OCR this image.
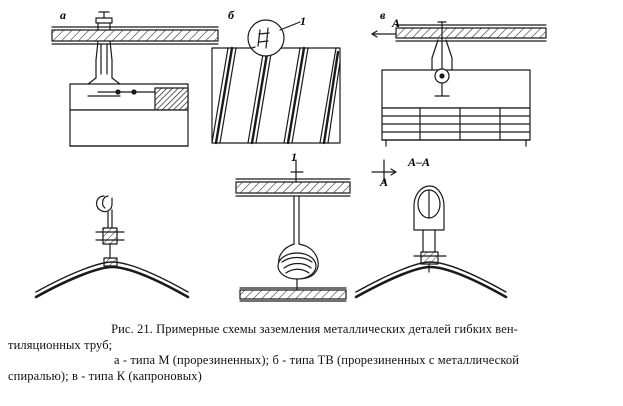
а	б	в
1
1
А
А
А–А
Рис. 21. Примерные схемы заземления металлических деталей гибких вен-
тиляционных труб;
а - типа М (прорезиненных); б - типа ТВ (прорезиненных с металлической
спиралью); в - типа К (капроновых)
